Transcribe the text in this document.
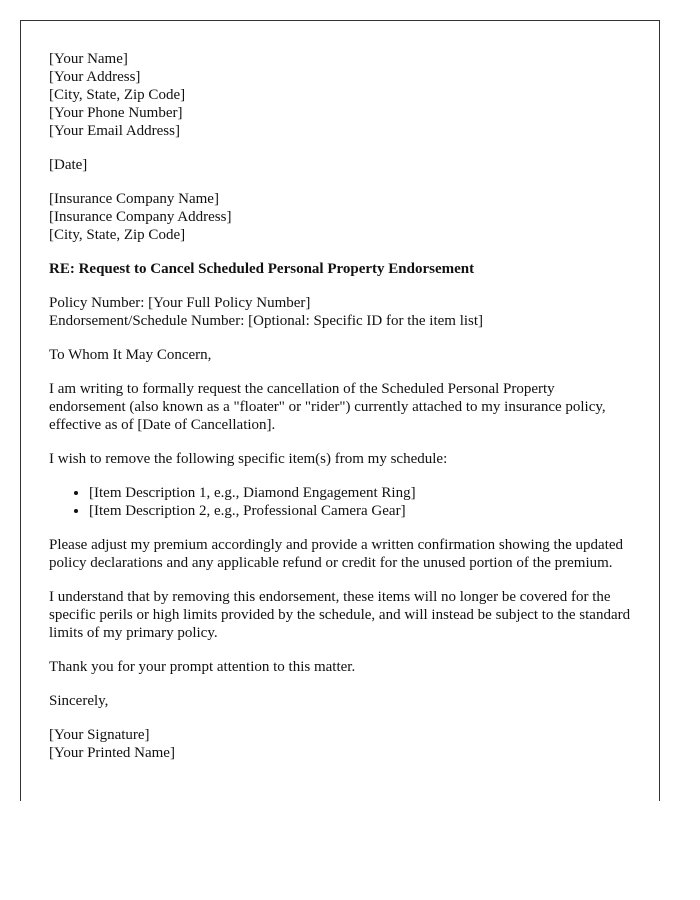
[Your Name]
[Your Address]
[City, State, Zip Code]
[Your Phone Number]
[Your Email Address]

[Date]

[Insurance Company Name]
[Insurance Company Address]
[City, State, Zip Code]

RE: Request to Cancel Scheduled Personal Property Endorsement

Policy Number: [Your Full Policy Number]
Endorsement/Schedule Number: [Optional: Specific ID for the item list]

To Whom It May Concern,

I am writing to formally request the cancellation of the Scheduled Personal Property endorsement (also known as a "floater" or "rider") currently attached to my insurance policy, effective as of [Date of Cancellation].

I wish to remove the following specific item(s) from my schedule:

• [Item Description 1, e.g., Diamond Engagement Ring]
• [Item Description 2, e.g., Professional Camera Gear]

Please adjust my premium accordingly and provide a written confirmation showing the updated policy declarations and any applicable refund or credit for the unused portion of the premium.

I understand that by removing this endorsement, these items will no longer be covered for the specific perils or high limits provided by the schedule, and will instead be subject to the standard limits of my primary policy.

Thank you for your prompt attention to this matter.

Sincerely,

[Your Signature]
[Your Printed Name]
